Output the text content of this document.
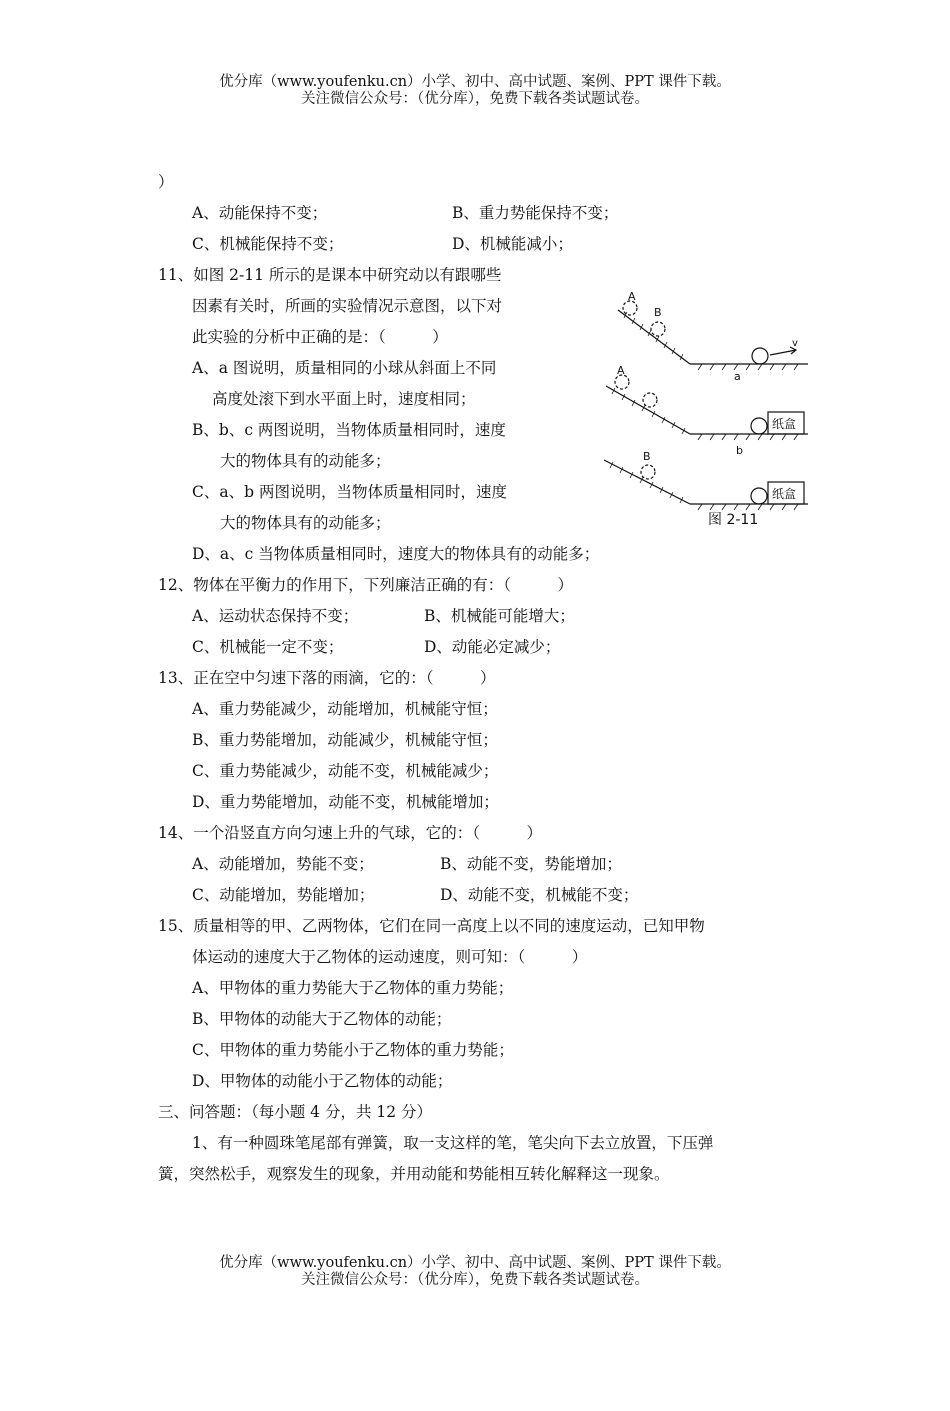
优分库（www.youfenku.cn）小学、初中、高中试题、案例、PPT 课件下载。
关注微信公众号：（优分库），免费下载各类试题试卷。
）
A、动能保持不变；	B、重力势能保持不变；
C、机械能保持不变；	D、机械能减小；
11、如图 2-11 所示的是课本中研究动以有跟哪些
因素有关时，所画的实验情况示意图，以下对
此实验的分析中正确的是：（　　　）
A、a 图说明，质量相同的小球从斜面上不同
高度处滚下到水平面上时，速度相同；
B、b、c 两图说明，当物体质量相同时，速度
大的物体具有的动能多；
C、a、b 两图说明，当物体质量相同时，速度
大的物体具有的动能多；
D、a、c 当物体质量相同时，速度大的物体具有的动能多；
A
B
v
a
A
纸盒
b
B
纸盒
图 2-11
12、物体在平衡力的作用下，下列廉洁正确的有：（　　　）
A、运动状态保持不变；	B、机械能可能增大；
C、机械能一定不变；	D、动能必定减少；
13、正在空中匀速下落的雨滴，它的：（　　　）
A、重力势能减少，动能增加，机械能守恒；
B、重力势能增加，动能减少，机械能守恒；
C、重力势能减少，动能不变，机械能减少；
D、重力势能增加，动能不变，机械能增加；
14、一个沿竖直方向匀速上升的气球，它的：（　　　）
A、动能增加，势能不变；	B、动能不变，势能增加；
C、动能增加，势能增加；	D、动能不变，机械能不变；
15、质量相等的甲、乙两物体，它们在同一高度上以不同的速度运动，已知甲物
体运动的速度大于乙物体的运动速度，则可知：（　　　）
A、甲物体的重力势能大于乙物体的重力势能；
B、甲物体的动能大于乙物体的动能；
C、甲物体的重力势能小于乙物体的重力势能；
D、甲物体的动能小于乙物体的动能；
三、问答题：（每小题 4 分，共 12 分）
1、有一种圆珠笔尾部有弹簧，取一支这样的笔，笔尖向下去立放置，下压弹
簧，突然松手，观察发生的现象，并用动能和势能相互转化解释这一现象。
优分库（www.youfenku.cn）小学、初中、高中试题、案例、PPT 课件下载。
关注微信公众号：（优分库），免费下载各类试题试卷。
